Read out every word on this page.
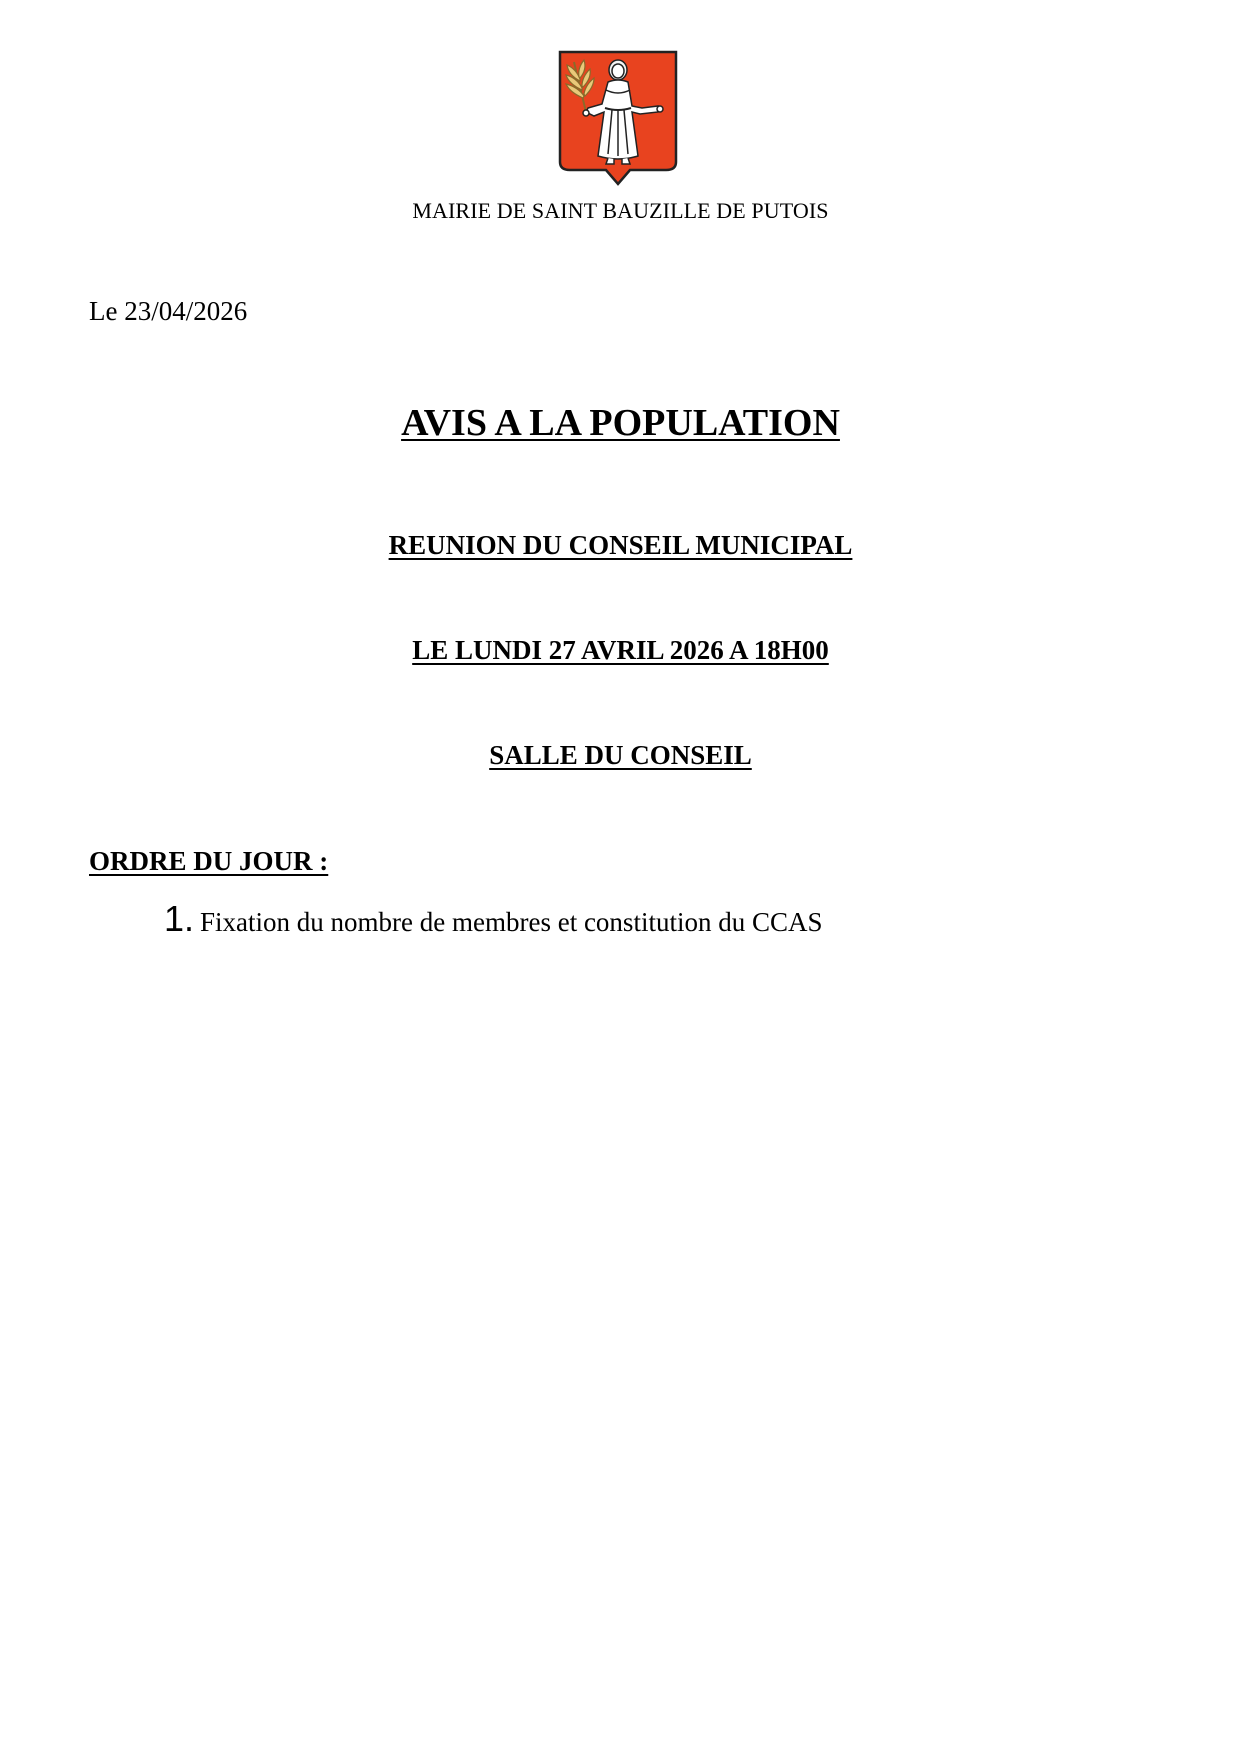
MAIRIE DE SAINT BAUZILLE DE PUTOIS
Le 23/04/2026
AVIS A LA POPULATION
REUNION DU CONSEIL MUNICIPAL
LE LUNDI 27 AVRIL 2026 A 18H00
SALLE DU CONSEIL
ORDRE DU JOUR :
1. Fixation du nombre de membres et constitution du CCAS
